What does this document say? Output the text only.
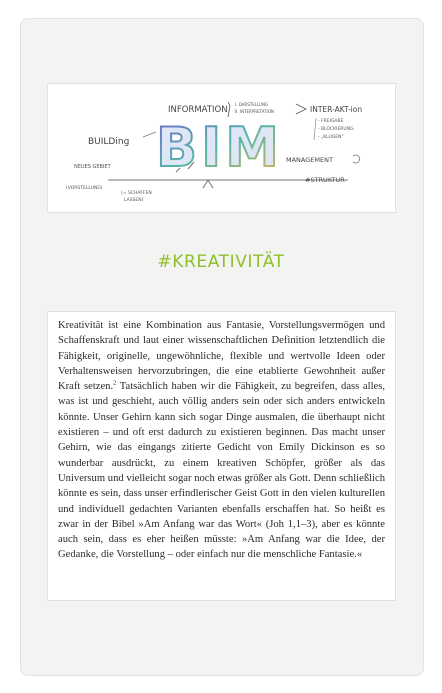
BIM
INFORMATION
I. DARSTELLUNG
II. INTERPRETATION	INTER-AKT-ion
- FREIGABE
- BLOCKIERUNG
- „KLUGEN“
BUILDing
NEUES GEBIET
(VORSTELLUNG)
(= SCHAFFEN
LASSEN)
MANAGEMENT
#STRUKTUR
#KREATIVITÄT

Kreativität ist eine Kombination aus Fantasie, Vorstellungsvermögen und Schaffenskraft und laut einer wissenschaftlichen Definition letztendlich die Fähigkeit, originelle, ungewöhnliche, flexible und wertvolle Ideen oder Verhaltensweisen hervorzubringen, die eine etablierte Gewohnheit außer Kraft setzen.$^2$ Tatsächlich haben wir die Fähigkeit, zu begreifen, dass alles, was ist und geschieht, auch völlig anders sein oder sich anders entwickeln könnte. Unser Gehirn kann sich sogar Dinge ausmalen, die überhaupt nicht existieren – und oft erst dadurch zu existieren beginnen. Das macht unser Gehirn, wie das eingangs zitierte Gedicht von Emily Dickinson es so wunderbar ausdrückt, zu einem kreativen Schöpfer, größer als das Universum und vielleicht sogar noch etwas größer als Gott. Denn schließlich könnte es sein, dass unser erfindlerischer Geist Gott in den vielen kulturellen und individuell gedachten Varianten ebenfalls erschaffen hat. So heißt es zwar in der Bibel »Am Anfang war das Wort« (Joh 1,1–3), aber es könnte auch sein, dass es eher heißen müsste: »Am Anfang war die Idee, der Gedanke, die Vorstellung – oder einfach nur die menschliche Fantasie.«
